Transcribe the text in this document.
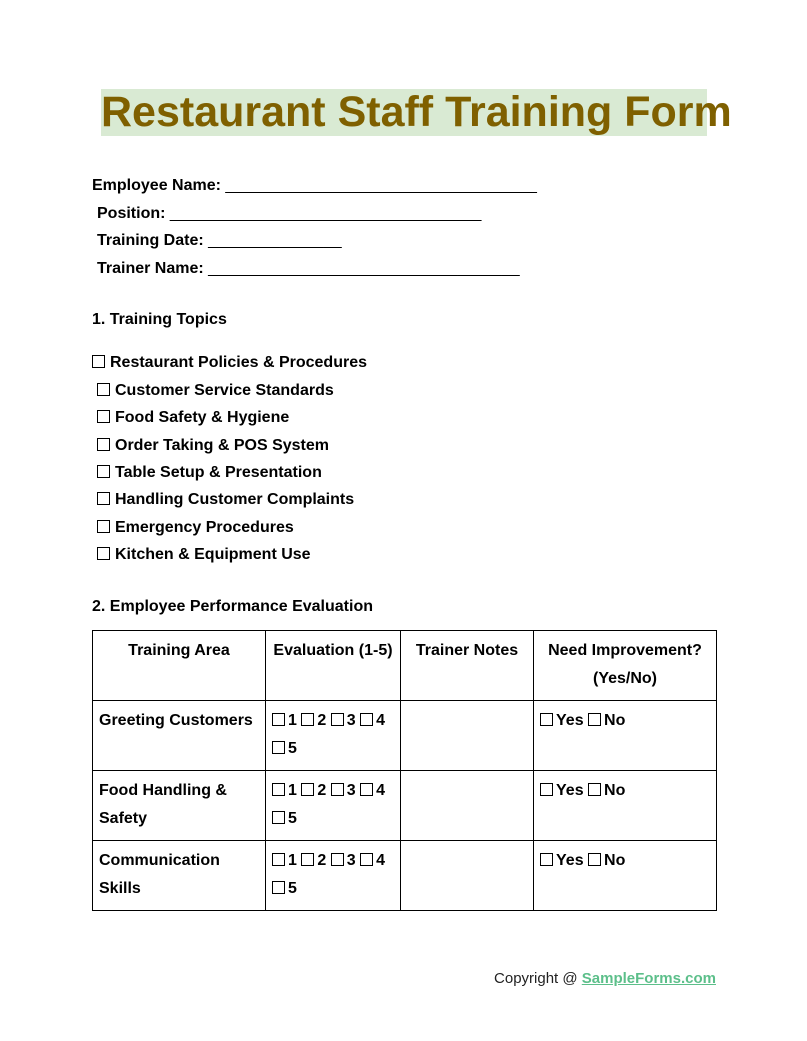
Restaurant Staff Training Form
Employee Name: ___________________________________
Position: ___________________________________
Training Date: _______________
Trainer Name: ___________________________________
1. Training Topics
Restaurant Policies & Procedures
Customer Service Standards
Food Safety & Hygiene
Order Taking & POS System
Table Setup & Presentation
Handling Customer Complaints
Emergency Procedures
Kitchen & Equipment Use
2. Employee Performance Evaluation
Training Area	Evaluation (1-5)	Trainer Notes	Need Improvement? (Yes/No)
Greeting Customers	1 2 3 4 5		Yes No
Food Handling & Safety	1 2 3 4 5		Yes No
Communication Skills	1 2 3 4 5		Yes No
Copyright @ SampleForms.com
